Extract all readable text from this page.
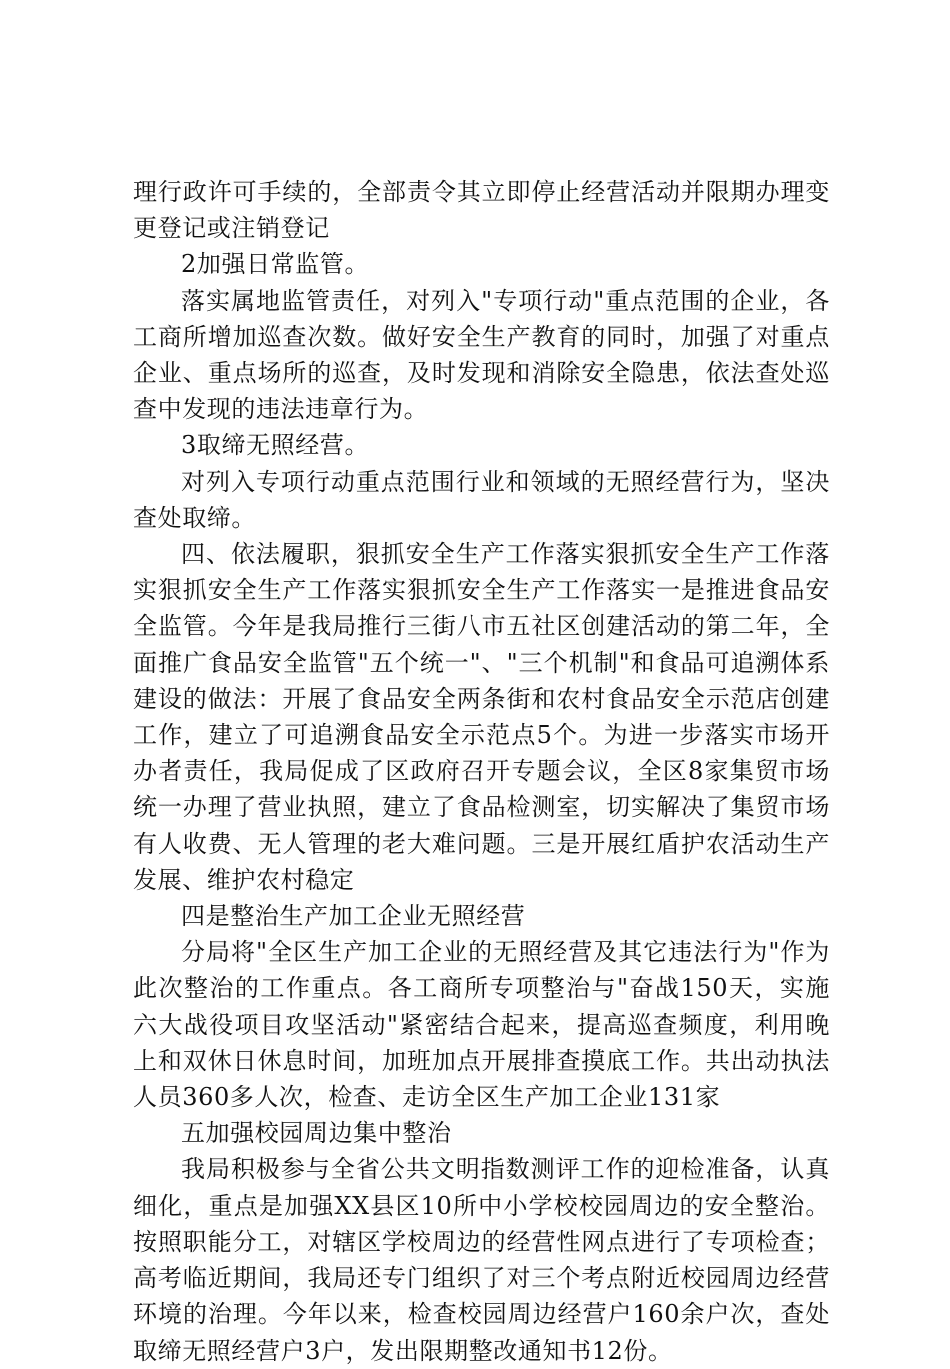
理行政许可手续的，全部责令其立即停止经营活动并限期办理变更登记或注销登记

2加强日常监管。

落实属地监管责任，对列入"专项行动"重点范围的企业，各工商所增加巡查次数。做好安全生产教育的同时，加强了对重点企业、重点场所的巡查，及时发现和消除安全隐患，依法查处巡查中发现的违法违章行为。

3取缔无照经营。

对列入专项行动重点范围行业和领域的无照经营行为，坚决查处取缔。

四、依法履职，狠抓安全生产工作落实狠抓安全生产工作落实狠抓安全生产工作落实狠抓安全生产工作落实一是推进食品安全监管。今年是我局推行三街八市五社区创建活动的第二年，全面推广食品安全监管"五个统一"、"三个机制"和食品可追溯体系建设的做法：开展了食品安全两条街和农村食品安全示范店创建工作，建立了可追溯食品安全示范点5个。为进一步落实市场开办者责任，我局促成了区政府召开专题会议，全区8家集贸市场统一办理了营业执照，建立了食品检测室，切实解决了集贸市场有人收费、无人管理的老大难问题。三是开展红盾护农活动生产发展、维护农村稳定

四是整治生产加工企业无照经营

分局将"全区生产加工企业的无照经营及其它违法行为"作为此次整治的工作重点。各工商所专项整治与"奋战150天，实施六大战役项目攻坚活动"紧密结合起来，提高巡查频度，利用晚上和双休日休息时间，加班加点开展排查摸底工作。共出动执法人员360多人次，检查、走访全区生产加工企业131家

五加强校园周边集中整治

我局积极参与全省公共文明指数测评工作的迎检准备，认真细化，重点是加强XX县区10所中小学校校园周边的安全整治。按照职能分工，对辖区学校周边的经营性网点进行了专项检查；高考临近期间，我局还专门组织了对三个考点附近校园周边经营环境的治理。今年以来，检查校园周边经营户160余户次，查处取缔无照经营户3户，发出限期整改通知书12份。
